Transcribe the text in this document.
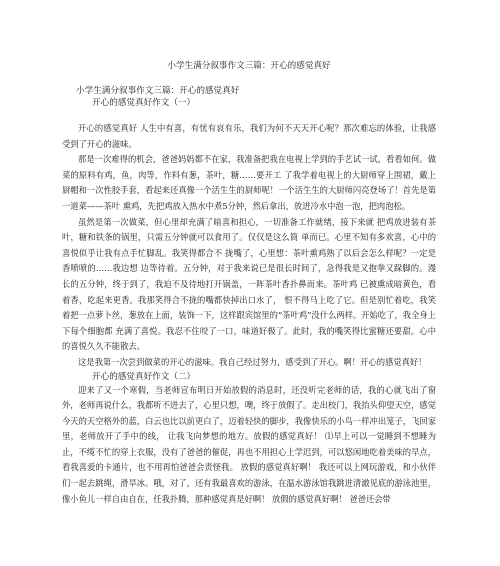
小学生满分叙事作文三篇：开心的感觉真好
小学生满分叙事作文三篇：开心的感觉真好
开心的感觉真好作文（一）

开心的感觉真好 人生中有喜，有忧有哀有乐，我们为何不天天开心呢？那次难忘的体验，让我感受到了开心的滋味。

那是一次难得的机会，爸爸妈妈都不在家，我准备把我在电视上学到的手艺试一试，看看如何。做菜的原料有鸡，鱼，肉等，作料有葱，茶叶，糖……要开工 了我学着电视上的大厨师穿上围裙，戴上厨帽和一次性胶手套，看起来还真像一个活生生的厨师呢！一个活生生的大厨师闪亮登场了！首先是第一道菜——茶叶 熏鸡，先把鸡放入热水中煮5分钟，然后拿出，放进冷水中泡一泡，把肉泡松。

虽然是第一次做菜，但心里却充满了暗喜和担心，一切准备工作就绪，接下来就 把鸡放进装有茶叶，糖和铁条的锅里，只需五分钟就可以食用了。仅仅是这么简 单而已。心里不知有多欢喜，心中的喜悦似乎让我有点手忙脚乱。我笑得都合不 拢嘴了，心里想：茶叶熏鸡熟了以后会怎么样呢？一定是香喷喷的……我边想 边等待着。五分钟，对于我来说已是很长时间了，急得我是又抱拳又跺脚的。漫 长的五分钟，终于到了，我迫不及待地打开锅盖，一阵茶叶香扑鼻而来。茶叶鸡 已被熏成暗黄色，看着香，吃起来更香。我那笑得合不拢的嘴都快掉出口水了， 恨不得马上吃了它。但是别忙着吃，我笑着把一点萝卜丝，葱放在上面，装饰一下，这样跟宾馆里的“茶叶鸡”没什么两样。开始吃了，我全身上下每个细胞都 充满了喜悦。我忍不住咬了一口，味道好极了。此时，我的嘴笑得比蜜糖还要甜。心中的喜悦久久不能散去。

这是我第一次尝到做菜的开心的滋味。我自己经过努力，感受到了开心。啊！开心的感觉真好！

开心的感觉真好作文（二）

迎来了又一个寒假，当老师宣布明日开始放假的消息时，还没听完老师的话，我的心就飞出了窗外，老师再说什么，我都听不进去了，心里只想，噢，终于放假了。走出校门，我抬头仰望天空，感觉今天的天空格外的蓝，白云也比以前更白了，迈着轻快的脚步，我像快乐的小鸟一样冲出笼子，飞回家里，老师放开了手中的线， 让我飞向梦想的地方。放假的感觉真好！ ⑴早上可以一觉睡到不想睡为止，不缆不忙的穿上衣服，没有了爸爸的催促，再也不用担心上学迟到，可以悠闲地吃着美味的早点，看我喜爱的卡通片，也不用再怕爸爸会责怪我。 放假的感觉真好啊！ 我还可以上网玩游戏，和小伙伴们一起去跳绳，滑旱冰。哦，对了，还有我最喜欢的游泳，在温水游泳馆我跳进清澈见底的游泳池里，像小鱼儿一样自由自在，任我扑腾，那种感觉真是好啊！ 放假的感觉真好啊！ 爸爸还会带
